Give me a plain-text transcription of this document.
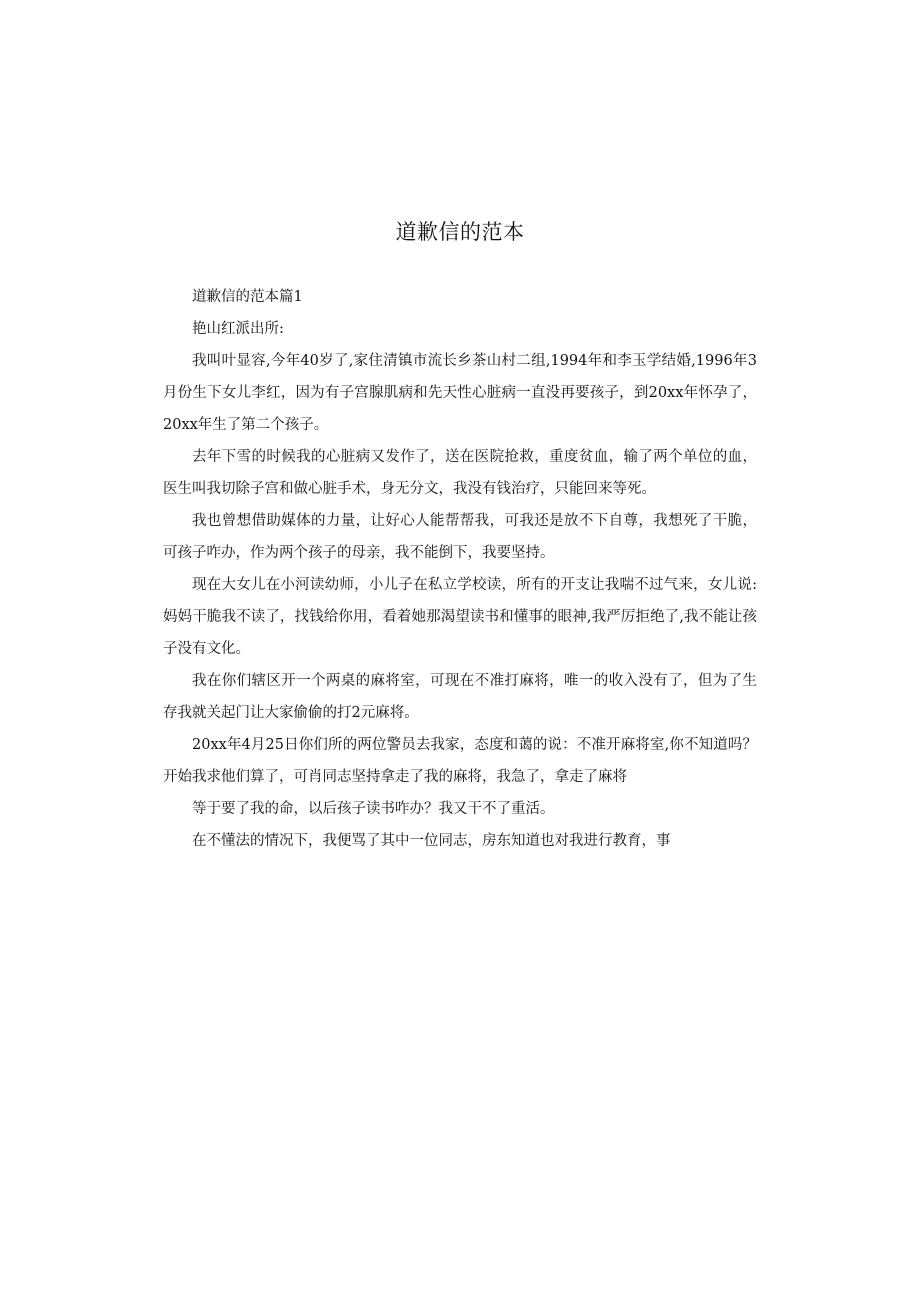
道歉信的范本

道歉信的范本篇1

艳山红派出所:

我叫叶显容,今年40岁了,家住清镇市流长乡茶山村二组,1994年和李玉学结婚,1996年3月份生下女儿李红，因为有子宫腺肌病和先天性心脏病一直没再要孩子，到20xx年怀孕了，20xx年生了第二个孩子。

去年下雪的时候我的心脏病又发作了，送在医院抢救，重度贫血，输了两个单位的血，医生叫我切除子宫和做心脏手术，身无分文，我没有钱治疗，只能回来等死。

我也曾想借助媒体的力量，让好心人能帮帮我，可我还是放不下自尊，我想死了干脆，可孩子咋办，作为两个孩子的母亲，我不能倒下，我要坚持。

现在大女儿在小河读幼师，小儿子在私立学校读，所有的开支让我喘不过气来，女儿说:妈妈干脆我不读了，找钱给你用，看着她那渴望读书和懂事的眼神,我严厉拒绝了,我不能让孩子没有文化。

我在你们辖区开一个两桌的麻将室，可现在不准打麻将，唯一的收入没有了，但为了生存我就关起门让大家偷偷的打2元麻将。

20xx年4月25日你们所的两位警员去我家，态度和蔼的说：不准开麻将室,你不知道吗？开始我求他们算了，可肖同志坚持拿走了我的麻将，我急了，拿走了麻将

等于要了我的命，以后孩子读书咋办？我又干不了重活。

在不懂法的情况下，我便骂了其中一位同志，房东知道也对我进行教育，事
